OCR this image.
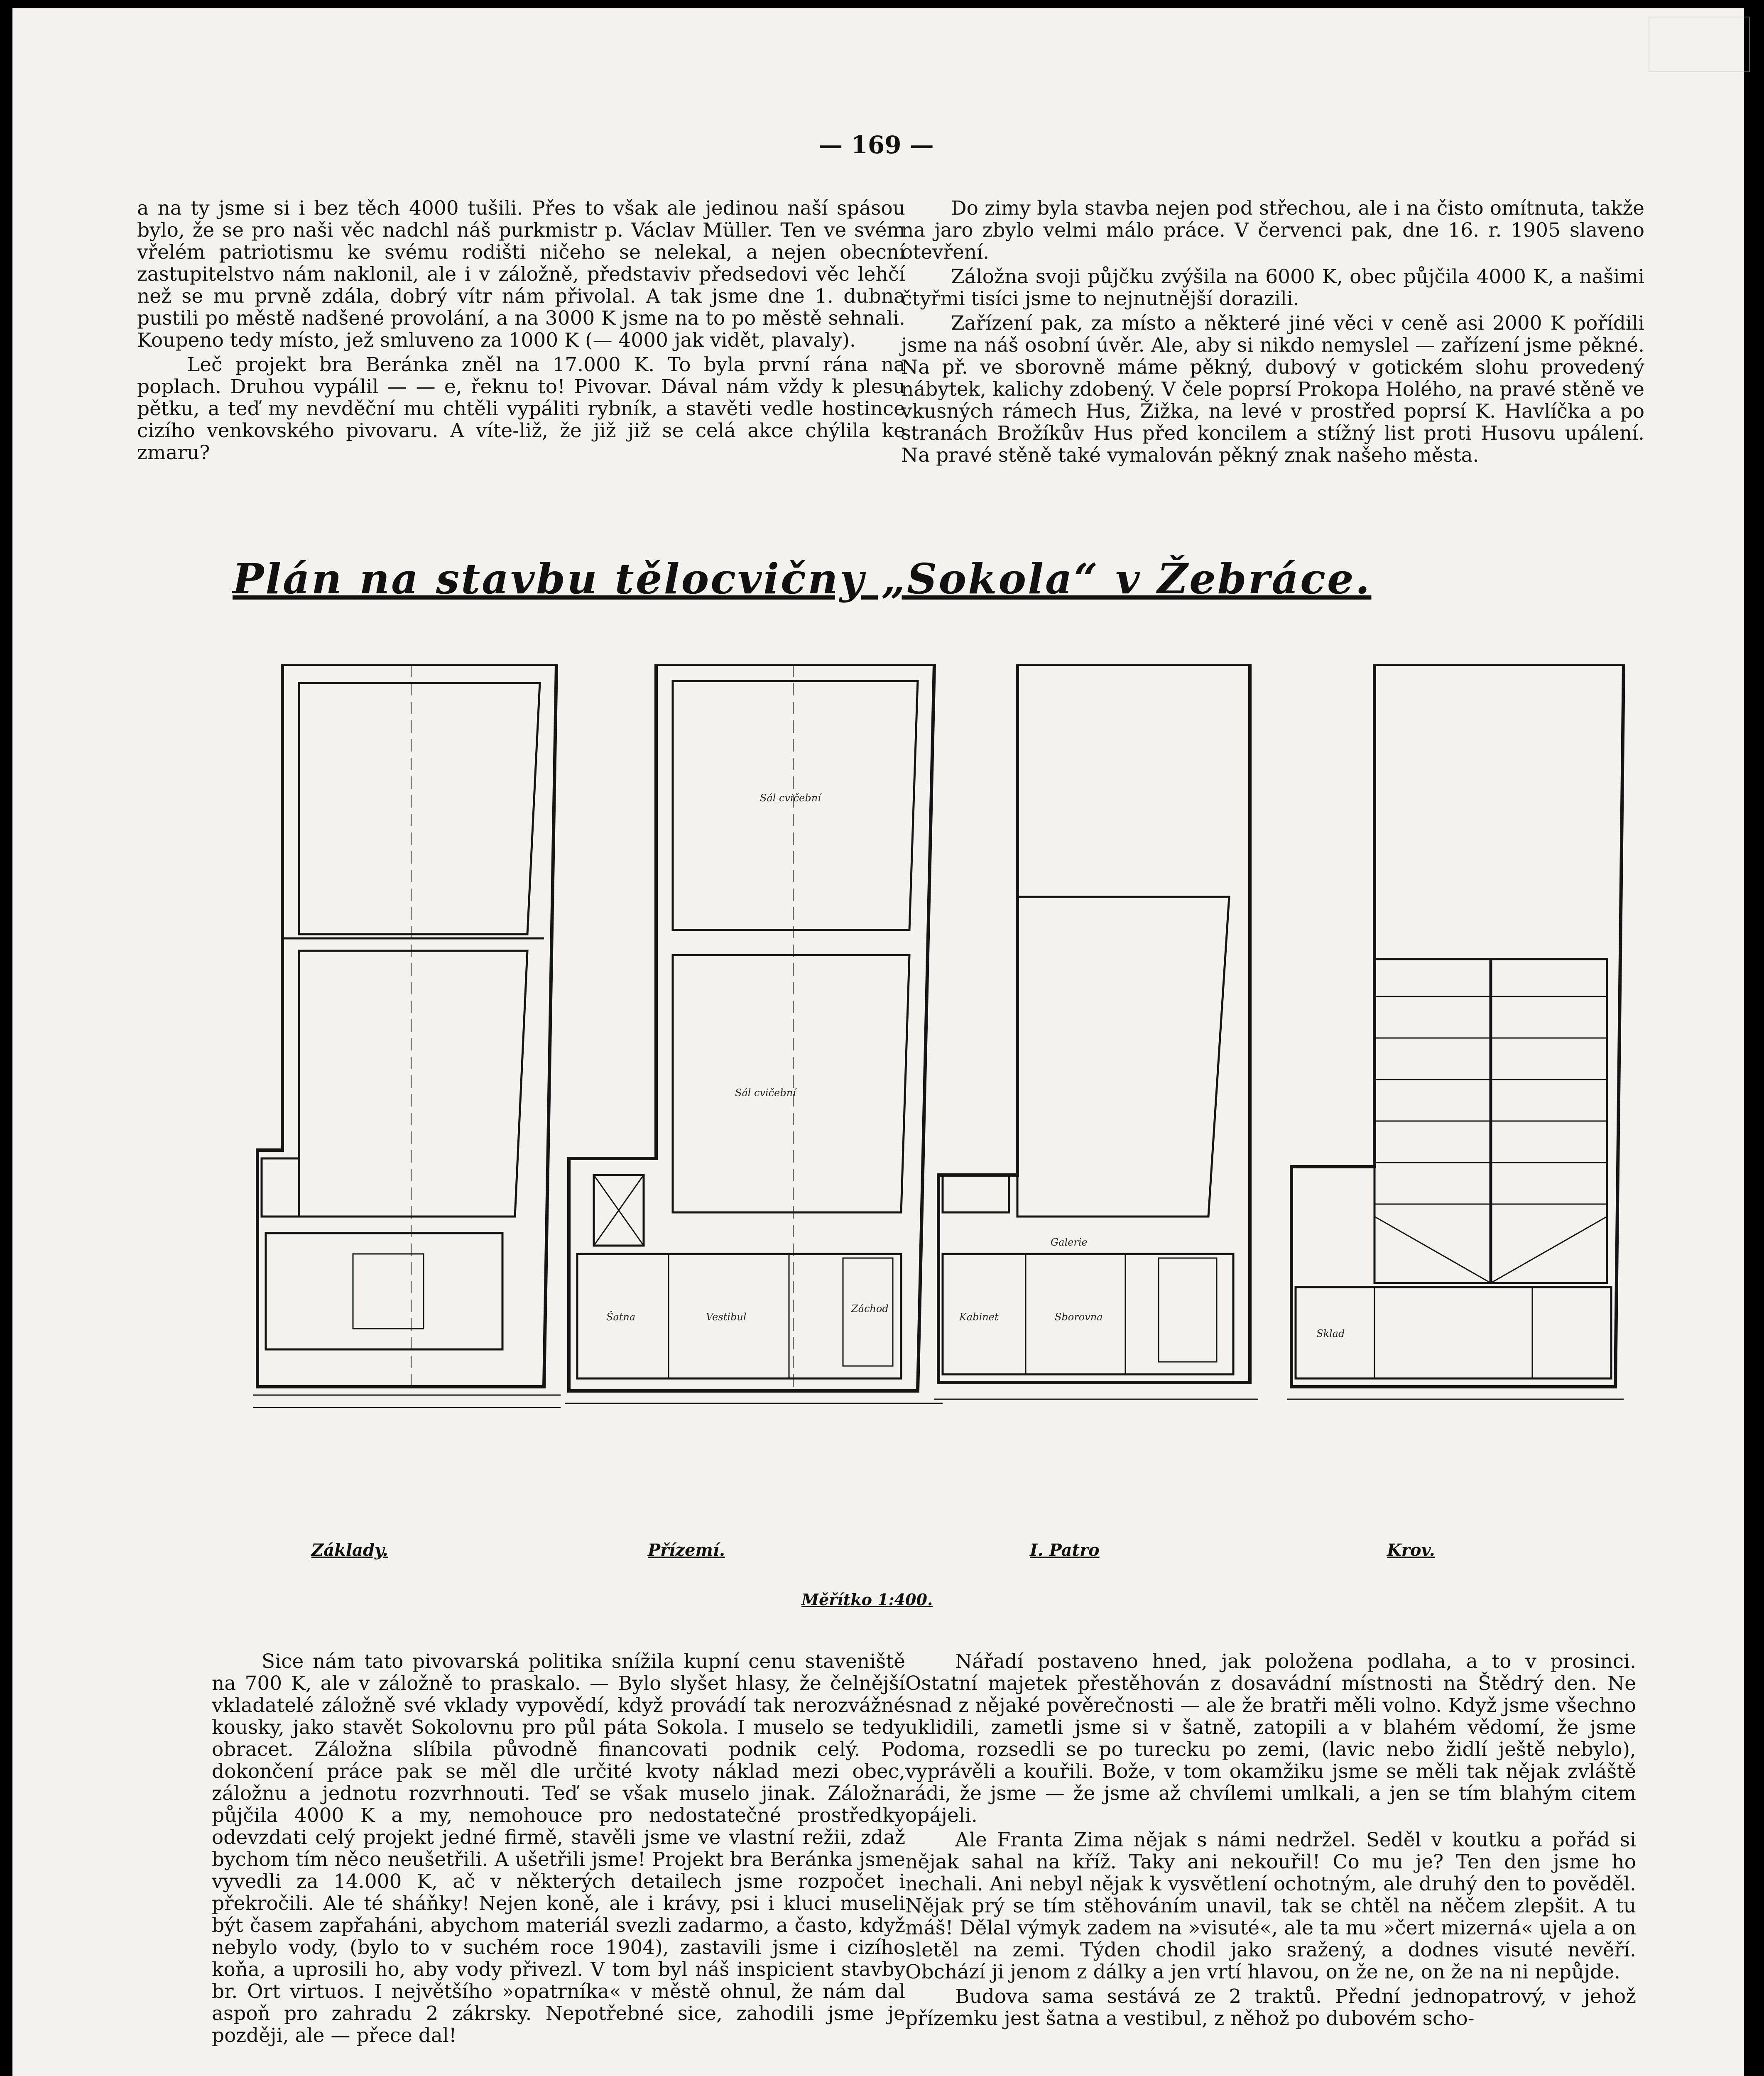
— 169 —

a na ty jsme si i bez těch 4000 tušili. Přes to však ale jedinou naší spásou bylo, že se pro naši věc nadchl náš purkmistr p. Václav Müller. Ten ve svém vřelém patriotismu ke svému rodišti ničeho se nelekal, a nejen obecní zastupitelstvo nám naklonil, ale i v záložně, představiv předsedovi věc lehčí než se mu prvně zdála, dobrý vítr nám přivolal. A tak jsme dne 1. dubna pustili po městě nadšené provolání, a na 3000 K jsme na to po městě sehnali. Koupeno tedy místo, jež smluveno za 1000 K (— 4000 jak vidět, plavaly).

Leč projekt bra Beránka zněl na 17.000 K. To byla první rána na poplach. Druhou vypálil — — e, řeknu to! Pivovar. Dával nám vždy k plesu pětku, a teď my nevděční mu chtěli vypáliti rybník, a stavěti vedle hostince cizího venkovského pivovaru. A víte-liž, že již již se celá akce chýlila ke zmaru?

Do zimy byla stavba nejen pod střechou, ale i na čisto omítnuta, takže na jaro zbylo velmi málo práce. V červenci pak, dne 16. r. 1905 slaveno otevření.

Záložna svoji půjčku zvýšila na 6000 K, obec půjčila 4000 K, a našimi čtyřmi tisíci jsme to nejnutnější dorazili.

Zařízení pak, za místo a některé jiné věci v ceně asi 2000 K pořídili jsme na náš osobní úvěr. Ale, aby si nikdo nemyslel — zařízení jsme pěkné. Na př. ve sborovně máme pěkný, dubový v gotickém slohu provedený nábytek, kalichy zdobený. V čele poprsí Prokopa Holého, na pravé stěně ve vkusných rámech Hus, Žižka, na levé v prostřed poprsí K. Havlíčka a po stranách Brožíkův Hus před koncilem a stížný list proti Husovu upálení. Na pravé stěně také vymalován pěkný znak našeho města.

Plán na stavbu tělocvičny „Sokola“ v Žebráce.
Sál cvičební
Sál cvičební
Šatna	Vestibul
Záchod
Sborovna
Galerie
Kabinet
Sklad
Základy.	Přízemí.	I. Patro	Krov.
Měřítko 1:400.

Sice nám tato pivovarská politika snížila kupní cenu staveniště na 700 K, ale v záložně to praskalo. — Bylo slyšet hlasy, že čelnější vkladatelé záložně své vklady vypovědí, když provádí tak nerozvážné kousky, jako stavět Sokolovnu pro půl páta Sokola. I muselo se tedy obracet. Záložna slíbila původně financovati podnik celý. Po dokončení práce pak se měl dle určité kvoty náklad mezi obec, záložnu a jednotu rozvrhnouti. Teď se však muselo jinak. Záložna půjčila 4000 K a my, nemohouce pro nedostatečné prostředky odevzdati celý projekt jedné firmě, stavěli jsme ve vlastní režii, zdaž bychom tím něco neušetřili. A ušetřili jsme! Projekt bra Beránka jsme vyvedli za 14.000 K, ač v některých detailech jsme rozpočet i překročili. Ale té sháňky! Nejen koně, ale i krávy, psi i kluci museli být časem zapřaháni, abychom materiál svezli zadarmo, a často, když nebylo vody, (bylo to v suchém roce 1904), zastavili jsme i cizího koňa, a uprosili ho, aby vody přivezl. V tom byl náš inspicient stavby br. Ort virtuos. I největšího »opatrníka« v městě ohnul, že nám dal aspoň pro zahradu 2 zákrsky. Nepotřebné sice, zahodili jsme je později, ale — přece dal!

Nářadí postaveno hned, jak položena podlaha, a to v prosinci. Ostatní majetek přestěhován z dosavádní místnosti na Štědrý den. Ne snad z nějaké pověrečnosti — ale že bratři měli volno. Když jsme všechno uklidili, zametli jsme si v šatně, zatopili a v blahém vědomí, že jsme doma, rozsedli se po turecku po zemi, (lavic nebo židlí ještě nebylo), vyprávěli a kouřili. Bože, v tom okamžiku jsme se měli tak nějak zvláště rádi, že jsme — že jsme až chvílemi umlkali, a jen se tím blahým citem opájeli.

Ale Franta Zima nějak s námi nedržel. Seděl v koutku a pořád si nějak sahal na kříž. Taky ani nekouřil! Co mu je? Ten den jsme ho nechali. Ani nebyl nějak k vysvětlení ochotným, ale druhý den to pověděl. Nějak prý se tím stěhováním unavil, tak se chtěl na něčem zlepšit. A tu máš! Dělal výmyk zadem na »visuté«, ale ta mu »čert mizerná« ujela a on sletěl na zemi. Týden chodil jako sražený, a dodnes visuté nevěří. Obchází ji jenom z dálky a jen vrtí hlavou, on že ne, on že na ni nepůjde.

Budova sama sestává ze 2 traktů. Přední jednopatrový, v jehož přízemku jest šatna a vestibul, z něhož po dubovém scho-
